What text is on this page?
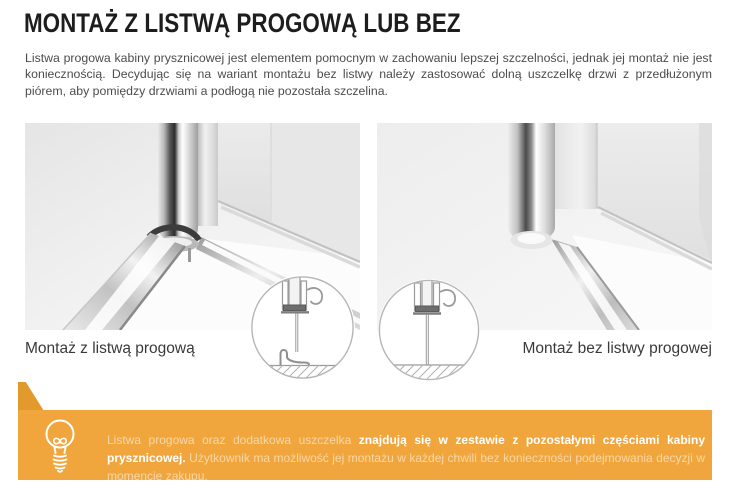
MONTAŻ Z LISTWĄ PROGOWĄ LUB BEZ

Listwa progowa kabiny prysznicowej jest elementem pomocnym w zachowaniu lepszej szczelności, jednak jej montaż nie jest koniecznością. Decydując się na wariant montażu bez listwy należy zastosować dolną uszczelkę drzwi z przedłużonym piórem, aby pomiędzy drzwiami a podłogą nie pozostała szczelina.

Montaż z listwą progową	Montaż bez listwy progowej

Listwa progowa oraz dodatkowa uszczelka znajdują się w zestawie z pozostałymi częściami kabiny prysznicowej. Użytkownik ma możliwość jej montażu w każdej chwili bez konieczności podejmowania decyzji w momencie zakupu.
